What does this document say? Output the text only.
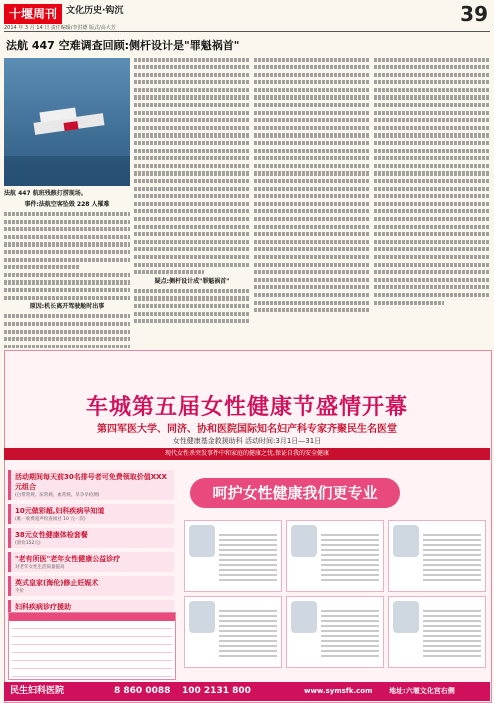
十堰周刊	文化历史·钩沉
2014 年 3 月 14 日 责任编辑/李洪德 版式/高大芳
39
法航 447 空难调查回顾:侧杆设计是"罪魁祸首"
法航 447 航班残骸打捞现场。
事件:法航空客坠毁 228 人罹难
原因:机长离开驾驶舱时出事
疑点:侧杆设计成"罪魁祸首"
车城第五届女性健康节盛情开幕
第四军医大学、同济、协和医院国际知名妇产科专家齐聚民生名医堂
女性健康基金救援助科 活动时间:3月1日—31日
现代女性杀突发事件中和家庭的健康之忧,保证自我的安全健康
呵护女性健康我们更专业
活动期间每天前30名排号者可免费领取价值XXX元组合
(白带常规、尿常规、血常规、早孕早检测)
10元做彩超,妇科疾病早知道
(唯一收费超声检查项目 10 元一次)
38元女性健康体检套餐
(原价152元)
"老有所医"老年女性健康公益诊疗
对老年女性生活质量提高
英式皇家(海伦)修止妊娠术
半价
妇科疾病诊疗援助
民生妇科医院	8 860 0088 100 2131 800	www.symsfk.com 地址:六堰文化宫右侧
